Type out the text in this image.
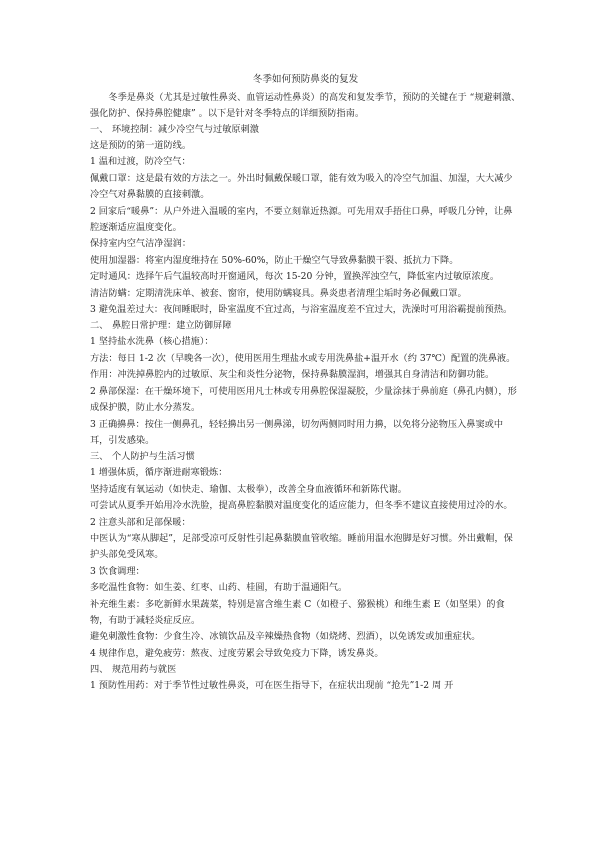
冬季如何预防鼻炎的复发

冬季是鼻炎（尤其是过敏性鼻炎、血管运动性鼻炎）的高发和复发季节，预防的关键在于 “规避刺激、强化防护、保持鼻腔健康” 。以下是针对冬季特点的详细预防指南。

一、 环境控制：减少冷空气与过敏原刺激

这是预防的第一道防线。

1 温和过渡，防冷空气：

佩戴口罩：这是最有效的方法之一。外出时佩戴保暖口罩，能有效为吸入的冷空气加温、加湿，大大减少冷空气对鼻黏膜的直接刺激。

2 回家后“暖鼻”：从户外进入温暖的室内，不要立刻靠近热源。可先用双手捂住口鼻，呼吸几分钟，让鼻腔逐渐适应温度变化。

保持室内空气洁净湿润：

使用加湿器：将室内湿度维持在 50%-60%，防止干燥空气导致鼻黏膜干裂、抵抗力下降。

定时通风：选择午后气温较高时开窗通风，每次 15-20 分钟，置换浑浊空气，降低室内过敏原浓度。

清洁防螨：定期清洗床单、被套、窗帘，使用防螨寝具。鼻炎患者清理尘垢时务必佩戴口罩。

3 避免温差过大：夜间睡眠时，卧室温度不宜过高，与浴室温度差不宜过大，洗澡时可用浴霸提前预热。

二、 鼻腔日常护理：建立防御屏障

1 坚持盐水洗鼻（核心措施）：

方法：每日 1-2 次（早晚各一次），使用医用生理盐水或专用洗鼻盐+温开水（约 37℃）配置的洗鼻液。

作用：冲洗掉鼻腔内的过敏原、灰尘和炎性分泌物，保持鼻黏膜湿润，增强其自身清洁和防御功能。

2 鼻部保湿：在干燥环境下，可使用医用凡士林或专用鼻腔保湿凝胶，少量涂抹于鼻前庭（鼻孔内侧），形成保护膜，防止水分蒸发。

3 正确擤鼻：按住一侧鼻孔，轻轻擤出另一侧鼻涕，切勿两侧同时用力擤，以免将分泌物压入鼻窦或中耳，引发感染。

三、 个人防护与生活习惯

1 增强体质，循序渐进耐寒锻炼：

坚持适度有氧运动（如快走、瑜伽、太极拳），改善全身血液循环和新陈代谢。

可尝试从夏季开始用冷水洗脸，提高鼻腔黏膜对温度变化的适应能力，但冬季不建议直接使用过冷的水。

2 注意头部和足部保暖：

中医认为“寒从脚起”，足部受凉可反射性引起鼻黏膜血管收缩。睡前用温水泡脚是好习惯。外出戴帽，保护头部免受风寒。

3 饮食调理：

多吃温性食物：如生姜、红枣、山药、桂圆，有助于温通阳气。

补充维生素：多吃新鲜水果蔬菜，特别是富含维生素 C（如橙子、猕猴桃）和维生素 E（如坚果）的食物，有助于减轻炎症反应。

避免刺激性食物：少食生冷、冰镇饮品及辛辣燥热食物（如烧烤、烈酒），以免诱发或加重症状。

4 规律作息，避免疲劳：熬夜、过度劳累会导致免疫力下降，诱发鼻炎。

四、 规范用药与就医

1 预防性用药：对于季节性过敏性鼻炎，可在医生指导下，在症状出现前 “抢先”1-2 周 开
